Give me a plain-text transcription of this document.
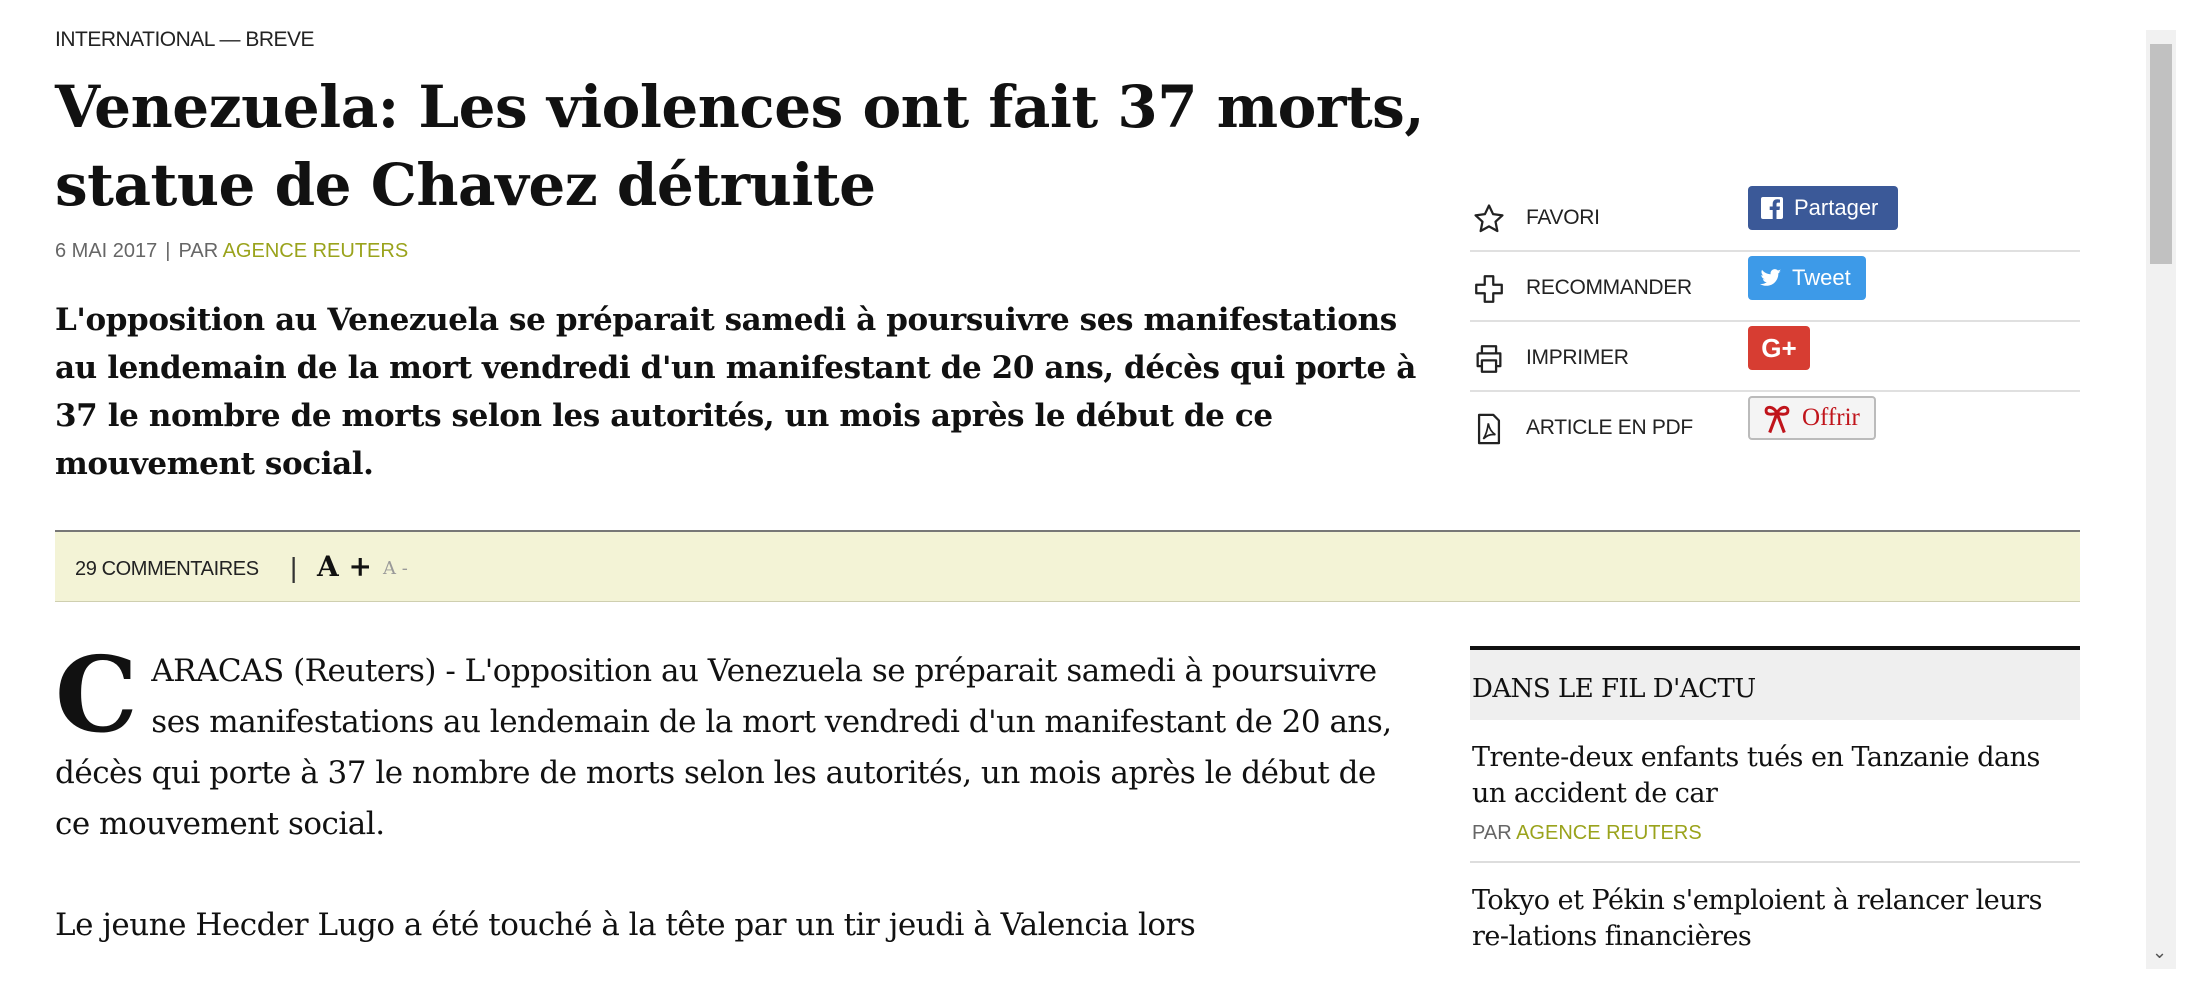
INTERNATIONAL — BREVE
Venezuela: Les violences ont fait 37 morts, statue de Chavez détruite
6 MAI 2017 | PAR AGENCE REUTERS

L'opposition au Venezuela se préparait samedi à poursuivre ses manifestations au lendemain de la mort vendredi d'un manifestant de 20 ans, décès qui porte à 37 le nombre de morts selon les autorités, un mois après le début de ce mouvement social.

FAVORI	Partager
RECOMMANDER	Tweet
IMPRIMER	G+
ARTICLE EN PDF	Offrir
29 COMMENTAIRES | A + A -

CARACAS (Reuters) - L'opposition au Venezuela se préparait samedi à poursuivre ses manifestations au lendemain de la mort vendredi d'un manifestant de 20 ans, décès qui porte à 37 le nombre de morts selon les autorités, un mois après le début de ce mouvement social.

Le jeune Hecder Lugo a été touché à la tête par un tir jeudi à Valencia lors

DANS LE FIL D'ACTU
Trente-deux enfants tués en Tanzanie dans un accident de car
PAR AGENCE REUTERS
Tokyo et Pékin s'emploient à relancer leurs re-lations financières
⌄
